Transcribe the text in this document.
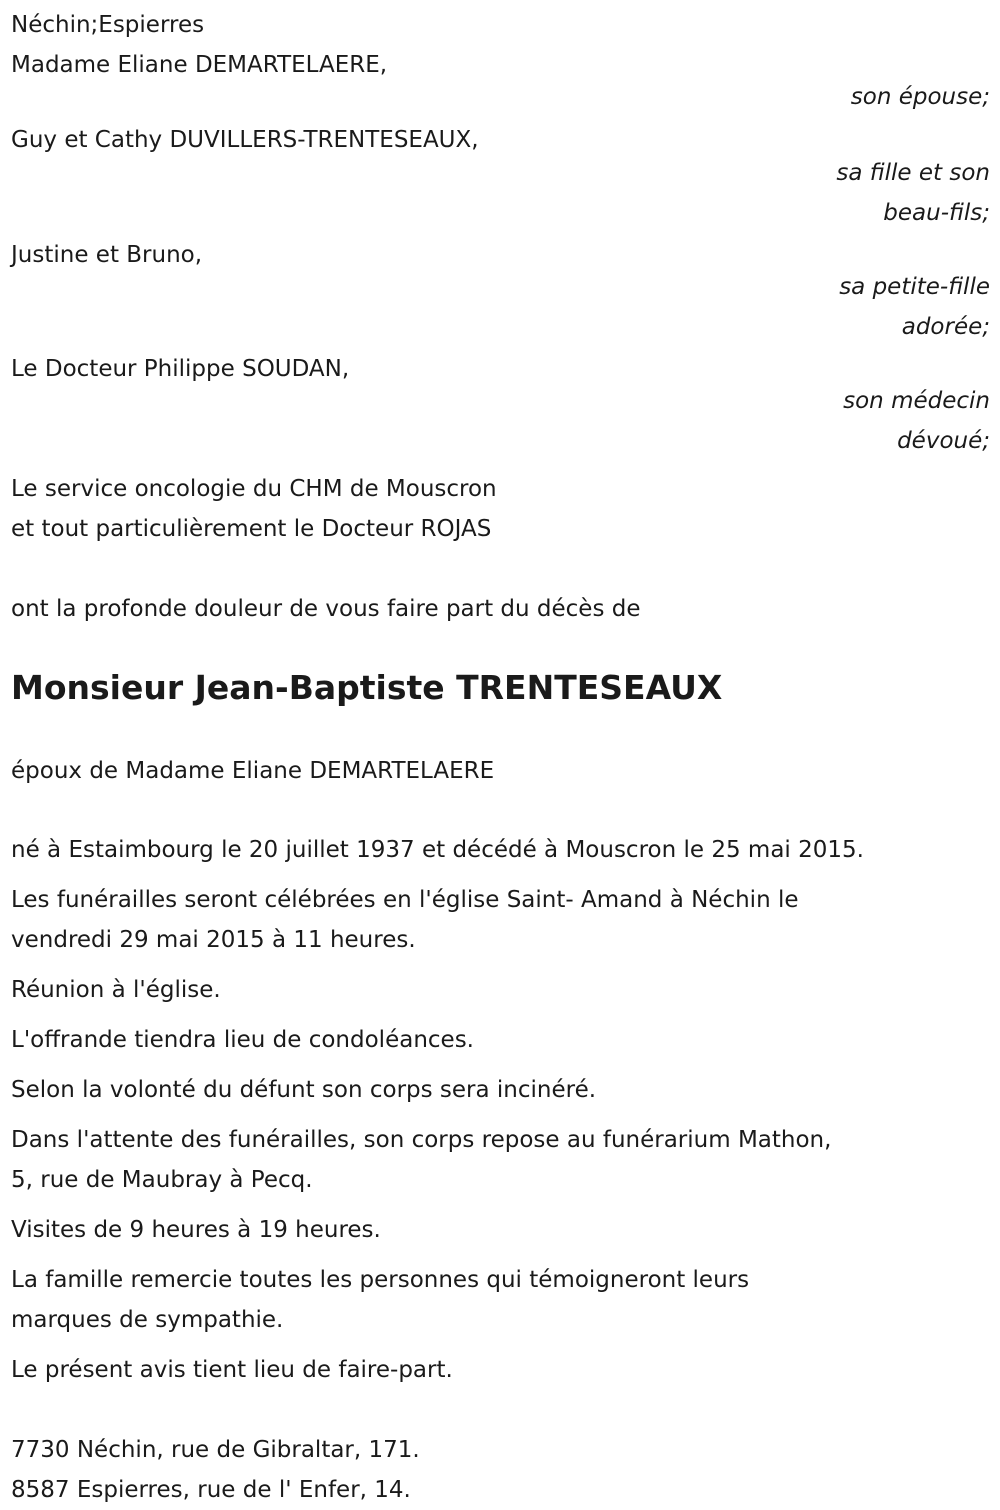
Néchin;Espierres
Madame Eliane DEMARTELAERE,
son épouse;
Guy et Cathy DUVILLERS-TRENTESEAUX,
sa fille et son
beau-fils;
Justine et Bruno,
sa petite-fille
adorée;
Le Docteur Philippe SOUDAN,
son médecin
dévoué;
Le service oncologie du CHM de Mouscron
et tout particulièrement le Docteur ROJAS
ont la profonde douleur de vous faire part du décès de
Monsieur Jean-Baptiste TRENTESEAUX
époux de Madame Eliane DEMARTELAERE
né à Estaimbourg le 20 juillet 1937 et décédé à Mouscron le 25 mai 2015.
Les funérailles seront célébrées en l'église Saint- Amand à Néchin le
vendredi 29 mai 2015 à 11 heures.
Réunion à l'église.
L'offrande tiendra lieu de condoléances.
Selon la volonté du défunt son corps sera incinéré.
Dans l'attente des funérailles, son corps repose au funérarium Mathon,
5, rue de Maubray à Pecq.
Visites de 9 heures à 19 heures.
La famille remercie toutes les personnes qui témoigneront leurs
marques de sympathie.
Le présent avis tient lieu de faire-part.
7730 Néchin, rue de Gibraltar, 171.
8587 Espierres, rue de l' Enfer, 14.
